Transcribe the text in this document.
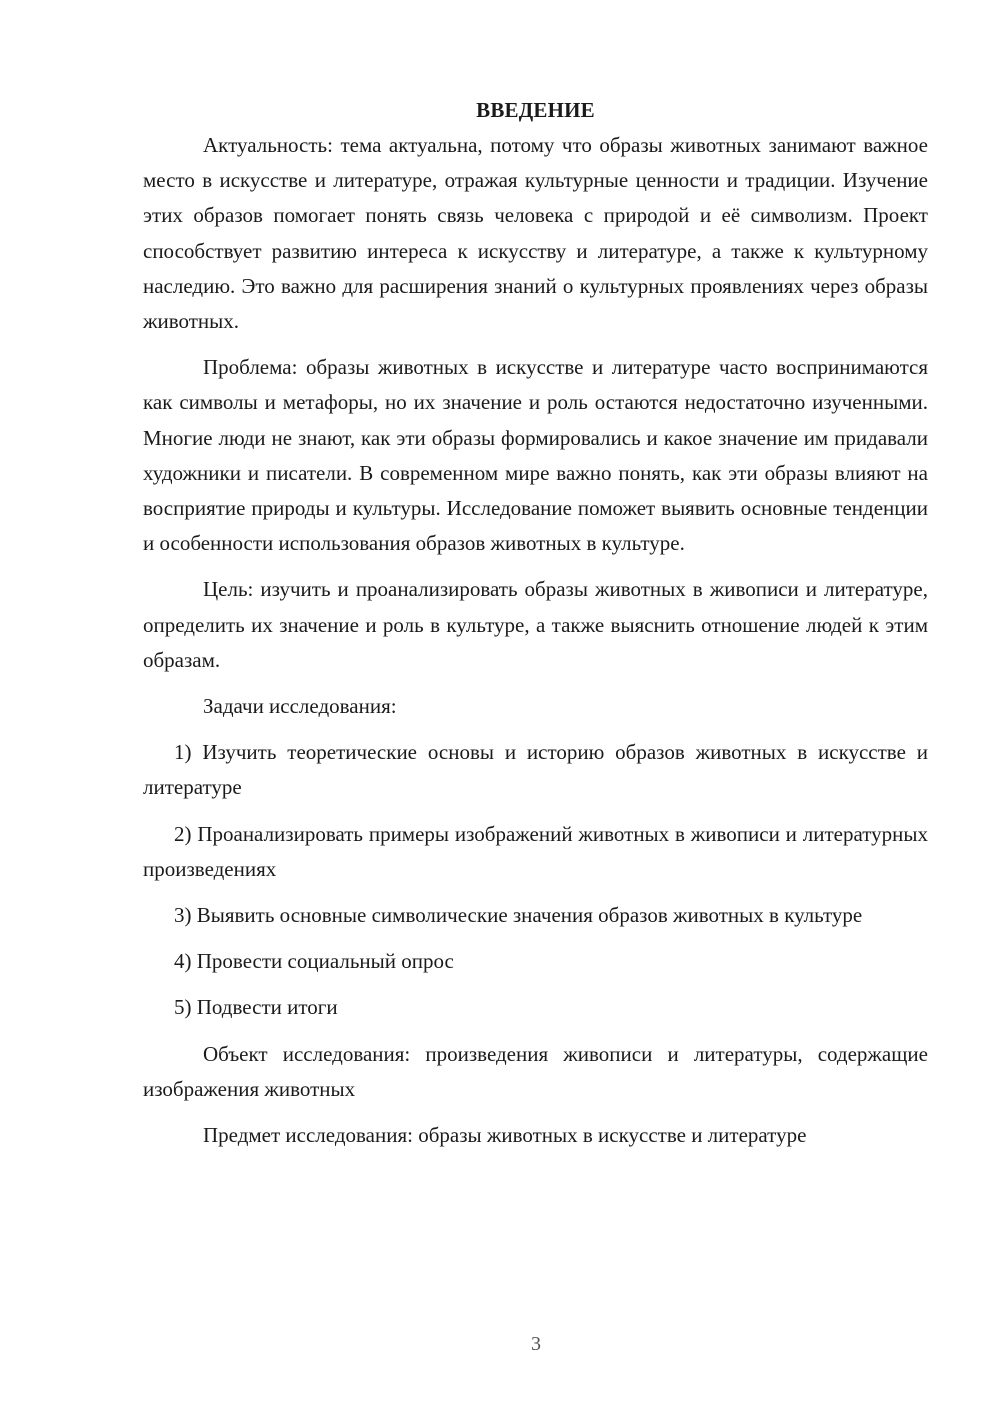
ВВЕДЕНИЕ

Актуальность: тема актуальна, потому что образы животных занимают важное место в искусстве и литературе, отражая культурные ценности и традиции. Изучение этих образов помогает понять связь человека с природой и её символизм. Проект способствует развитию интереса к искусству и литературе, а также к культурному наследию. Это важно для расширения знаний о культурных проявлениях через образы животных.

Проблема: образы животных в искусстве и литературе часто воспринимаются как символы и метафоры, но их значение и роль остаются недостаточно изученными. Многие люди не знают, как эти образы формировались и какое значение им придавали художники и писатели. В современном мире важно понять, как эти образы влияют на восприятие природы и культуры. Исследование поможет выявить основные тенденции и особенности использования образов животных в культуре.

Цель: изучить и проанализировать образы животных в живописи и литературе, определить их значение и роль в культуре, а также выяснить отношение людей к этим образам.

Задачи исследования:

1) Изучить теоретические основы и историю образов животных в искусстве и литературе

2) Проанализировать примеры изображений животных в живописи и литературных произведениях

3) Выявить основные символические значения образов животных в культуре

4) Провести социальный опрос

5) Подвести итоги

Объект исследования: произведения живописи и литературы, содержащие изображения животных

Предмет исследования: образы животных в искусстве и литературе

3
